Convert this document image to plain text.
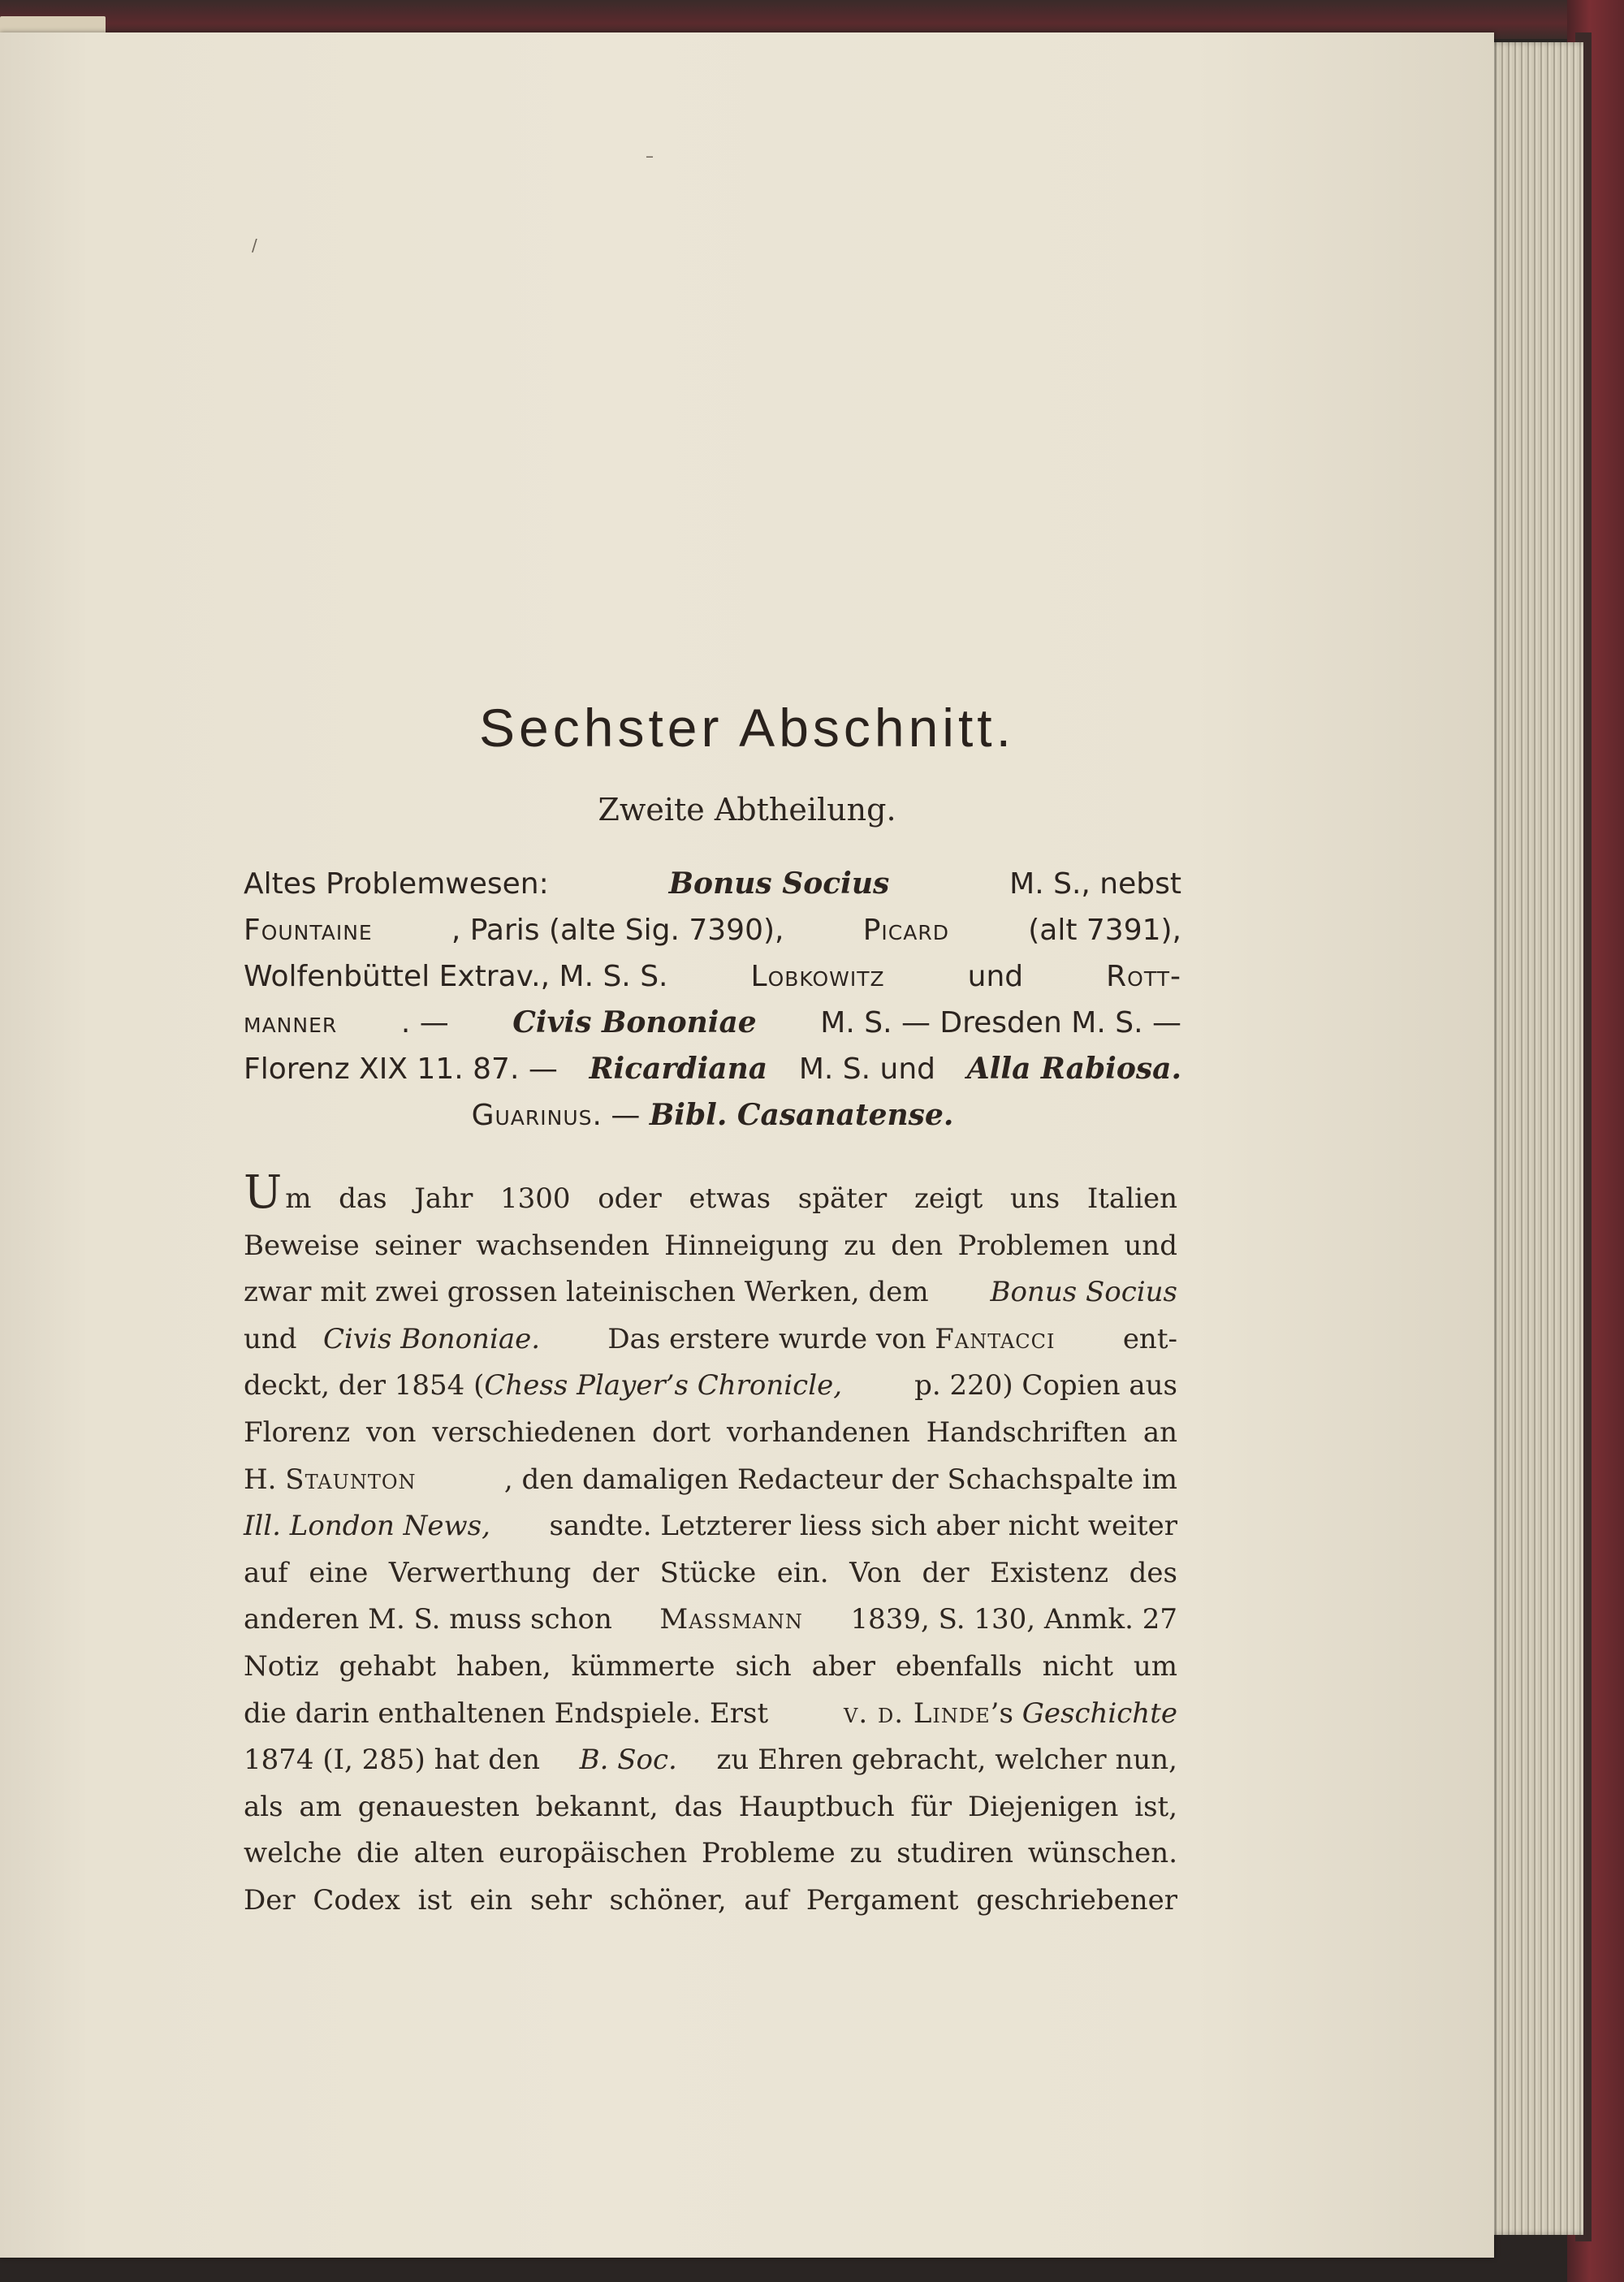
/
–
Sechster Abschnitt.
Zweite Abtheilung.
Altes Problemwesen:	Bonus Socius	M. S., nebst
Fountaine	, Paris (alte Sig. 7390),	Picard	(alt 7391),
Wolfenbüttel Extrav., M. S. S.	Lobkowitz	und	Rott-
manner . — Civis Bononiae M. S. — Dresden M. S. —
Florenz XIX 11. 87. — Ricardiana M. S. und Alla Rabiosa.
Guarinus . — Bibl. Casanatense.
Um das Jahr 1300 oder etwas später zeigt uns Italien
Beweise seiner wachsenden Hinneigung zu den Problemen und
zwar mit zwei grossen lateinischen Werken, dem Bonus Socius
und Civis Bononiae. Das erstere wurde von Fantacci ent-
deckt, der 1854 (Chess Player’s Chronicle,	p. 220) Copien aus
Florenz von verschiedenen dort vorhandenen Handschriften an
H. Staunton	, den damaligen Redacteur der Schachspalte im
Ill. London News, sandte. Letzterer liess sich aber nicht weiter
auf eine Verwerthung der Stücke ein. Von der Existenz des
anderen M. S. muss schon Massmann 1839, S. 130, Anmk. 27
Notiz gehabt haben, kümmerte sich aber ebenfalls nicht um
die darin enthaltenen Endspiele. Erst	v. d. Linde’s Geschichte
1874 (I, 285) hat den B. Soc. zu Ehren gebracht, welcher nun,
als am genauesten bekannt, das Hauptbuch für Diejenigen ist,
welche die alten europäischen Probleme zu studiren wünschen.
Der Codex ist ein sehr schöner, auf Pergament geschriebener
